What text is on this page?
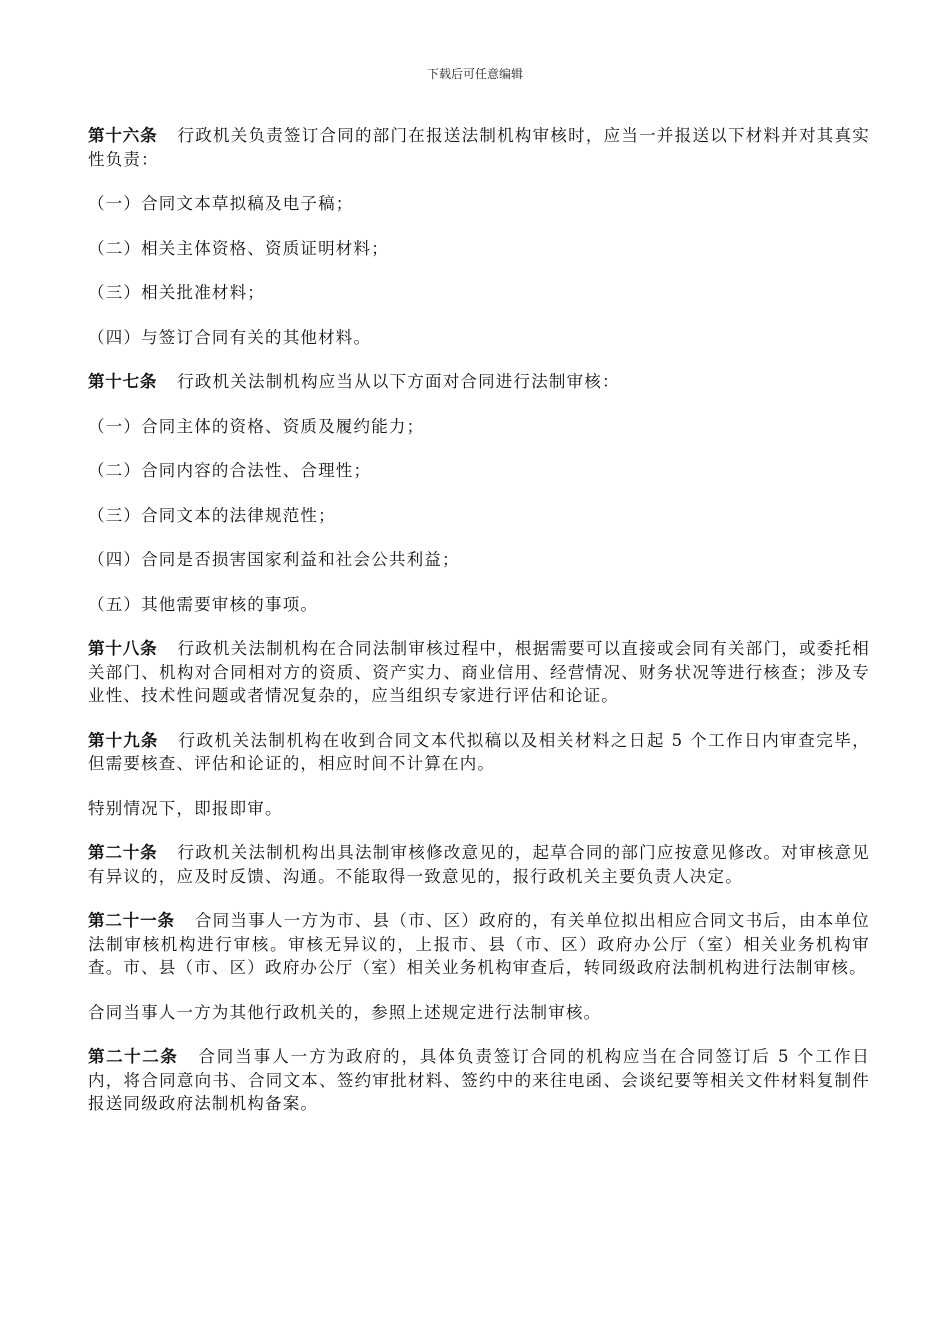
下载后可任意编辑

第十六条 行政机关负责签订合同的部门在报送法制机构审核时，应当一并报送以下材料并对其真实性负责：

（一）合同文本草拟稿及电子稿；

（二）相关主体资格、资质证明材料；

（三）相关批准材料；

（四）与签订合同有关的其他材料。

第十七条 行政机关法制机构应当从以下方面对合同进行法制审核：

（一）合同主体的资格、资质及履约能力；

（二）合同内容的合法性、合理性；

（三）合同文本的法律规范性；

（四）合同是否损害国家利益和社会公共利益；

（五）其他需要审核的事项。

第十八条 行政机关法制机构在合同法制审核过程中，根据需要可以直接或会同有关部门，或委托相关部门、机构对合同相对方的资质、资产实力、商业信用、经营情况、财务状况等进行核查；涉及专业性、技术性问题或者情况复杂的，应当组织专家进行评估和论证。

第十九条 行政机关法制机构在收到合同文本代拟稿以及相关材料之日起 5 个工作日内审查完毕，但需要核查、评估和论证的，相应时间不计算在内。

特别情况下，即报即审。

第二十条 行政机关法制机构出具法制审核修改意见的，起草合同的部门应按意见修改。对审核意见有异议的，应及时反馈、沟通。不能取得一致意见的，报行政机关主要负责人决定。

第二十一条 合同当事人一方为市、县（市、区）政府的，有关单位拟出相应合同文书后，由本单位法制审核机构进行审核。审核无异议的，上报市、县（市、区）政府办公厅（室）相关业务机构审查。市、县（市、区）政府办公厅（室）相关业务机构审查后，转同级政府法制机构进行法制审核。

合同当事人一方为其他行政机关的，参照上述规定进行法制审核。

第二十二条 合同当事人一方为政府的，具体负责签订合同的机构应当在合同签订后 5 个工作日内，将合同意向书、合同文本、签约审批材料、签约中的来往电函、会谈纪要等相关文件材料复制件报送同级政府法制机构备案。
